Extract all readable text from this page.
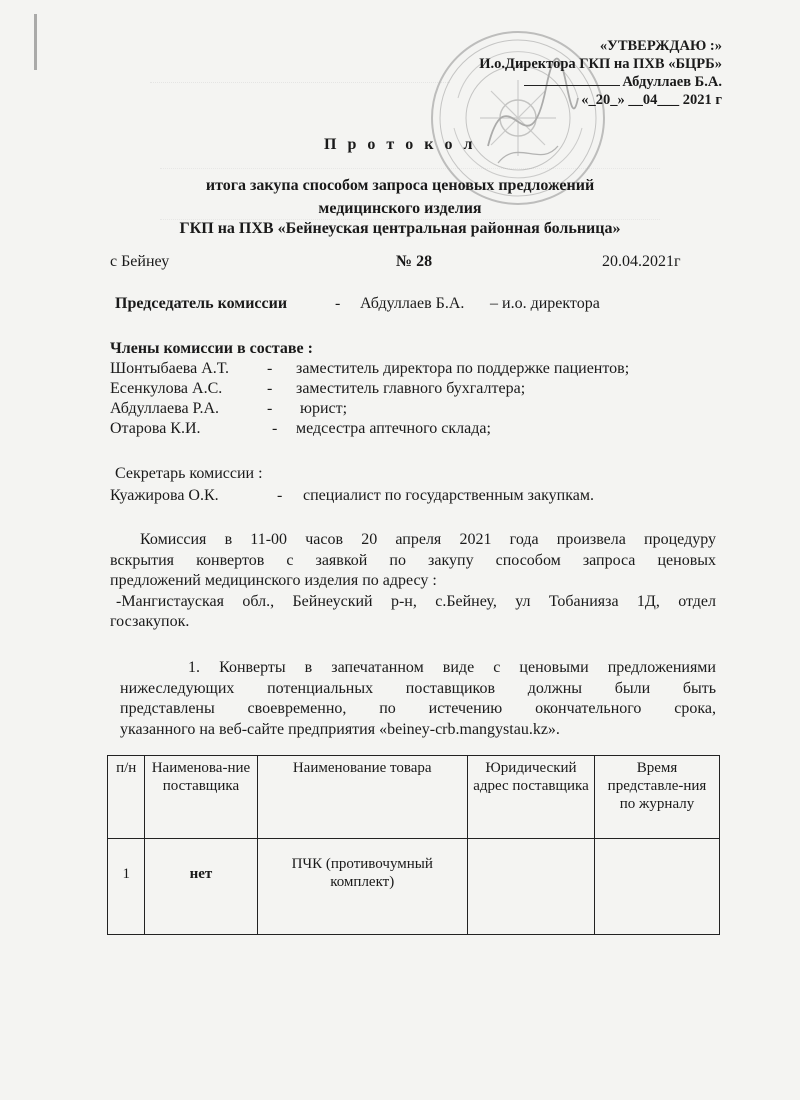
«УТВЕРЖДАЮ :»
И.о.Директора ГКП на ПХВ «БЦРБ»
Абдуллаев Б.А.
«_20_» __04___ 2021 г
П р о т о к о л
итога закупа способом запроса ценовых предложений
медицинского изделия
ГКП на ПХВ «Бейнеуская центральная районная больница»
с Бейнеу	№ 28	20.04.2021г
Председатель комиссии	- Абдуллаев Б.А. – и.о. директора
Члены комиссии в составе :
Шонтыбаева А.Т. - заместитель директора по поддержке пациентов;
Есенкулова А.С.	- заместитель главного бухгалтера;
Абдуллаева Р.А.	- юрист;
Отарова К.И.	- медсестра аптечного склада;
Секретарь комиссии :
Куажирова О.К.	- специалист по государственным закупкам.
Комиссия в 11-00 часов 20 апреля 2021 года произвела процедуру
вскрытия конвертов с заявкой по закупу способом запроса ценовых
предложений медицинского изделия по адресу :
-Мангистауская обл., Бейнеуский р-н, с.Бейнеу, ул Тобанияза 1Д, отдел
госзакупок.
1. Конверты в запечатанном виде с ценовыми предложениями
нижеследующих потенциальных поставщиков должны были быть
представлены своевременно, по истечению окончательного срока,
указанного на веб-сайте предприятия «beiney-crb.mangystau.kz».
п/н	Наименова-ние поставщика	Наименование товара	Юридический адрес поставщика	Время представле-ния по журналу
1	нет	ПЧК (противочумный комплект)		
